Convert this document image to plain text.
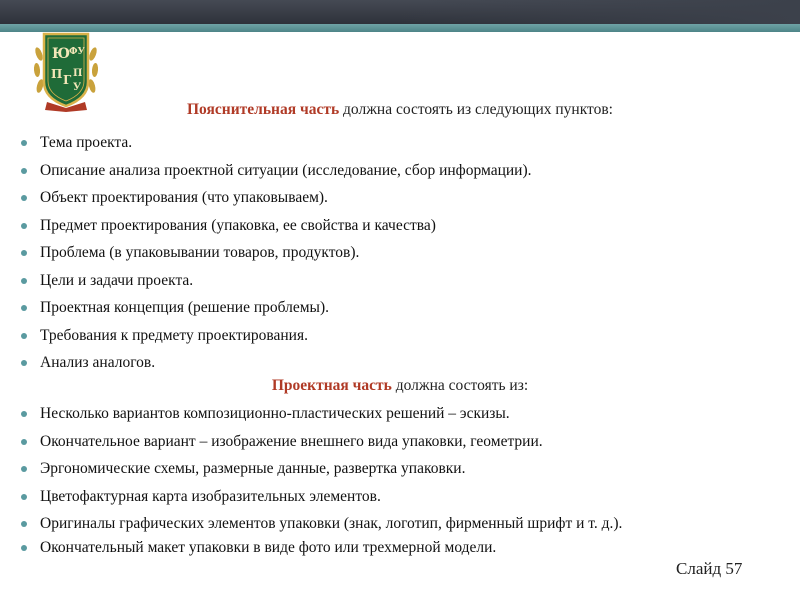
Ю
ФУ
П Г П
У

Пояснительная часть должна состоять из следующих пунктов:

Тема проекта.
Описание анализа проектной ситуации (исследование, сбор информации).
Объект проектирования (что упаковываем).
Предмет проектирования (упаковка, ее свойства и качества)
Проблема (в упаковывании товаров, продуктов).
Цели и задачи проекта.
Проектная концепция (решение проблемы).
Требования к предмету проектирования.
Анализ аналогов.

Проектная часть должна состоять из:

Несколько вариантов композиционно-пластических решений – эскизы.
Окончательное вариант – изображение внешнего вида упаковки, геометрии.
Эргономические схемы, размерные данные, развертка упаковки.
Цветофактурная карта изобразительных элементов.
Оригиналы графических элементов упаковки (знак, логотип, фирменный шрифт и т. д.).
Окончательный макет упаковки в виде фото или трехмерной модели.
Слайд 57
